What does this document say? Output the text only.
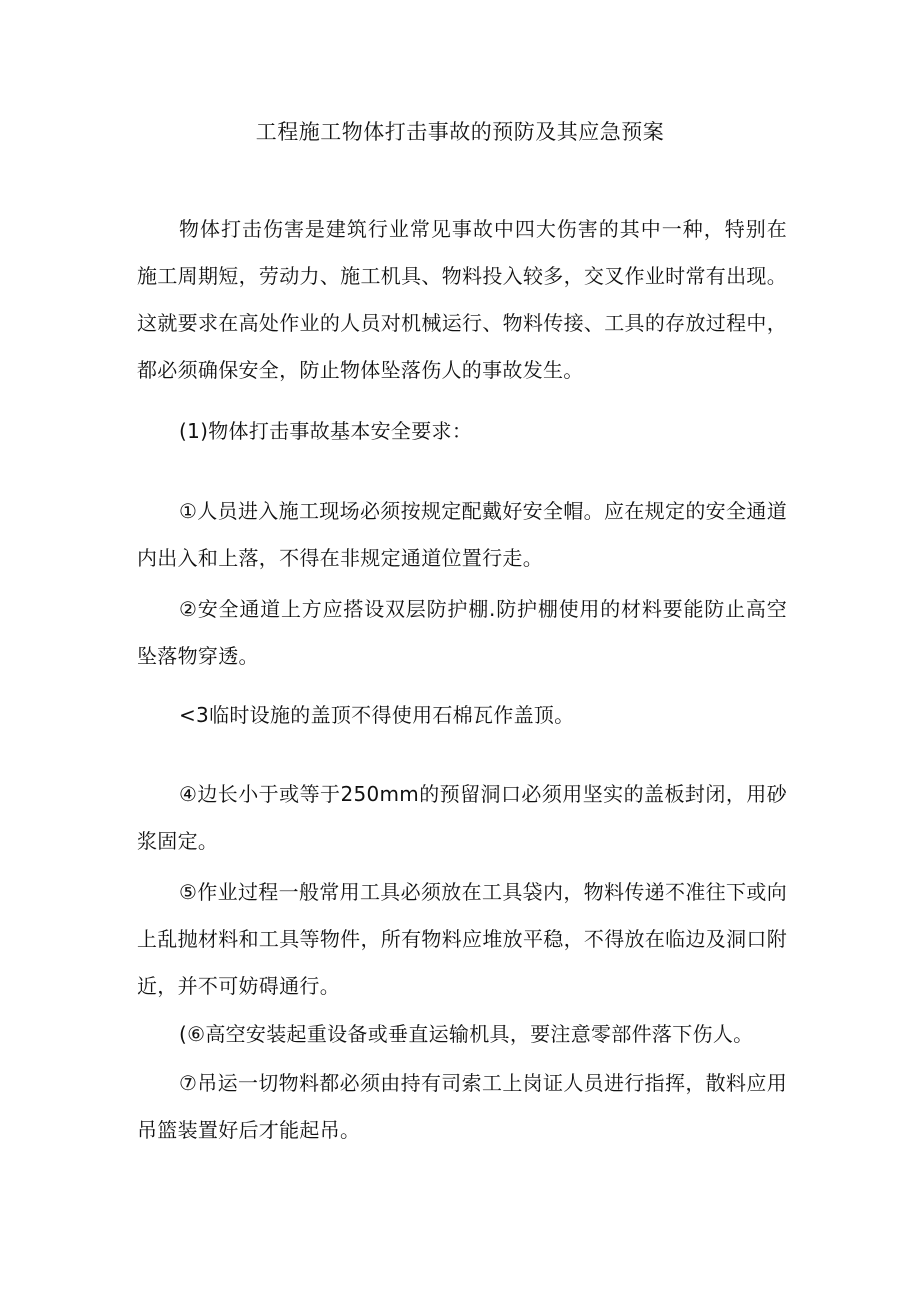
工程施工物体打击事故的预防及其应急预案

物体打击伤害是建筑行业常见事故中四大伤害的其中一种，特别在施工周期短，劳动力、施工机具、物料投入较多，交叉作业时常有出现。这就要求在高处作业的人员对机械运行、物料传接、工具的存放过程中，都必须确保安全，防止物体坠落伤人的事故发生。

(1)物体打击事故基本安全要求：

①人员进入施工现场必须按规定配戴好安全帽。应在规定的安全通道内出入和上落，不得在非规定通道位置行走。

②安全通道上方应搭设双层防护棚.防护棚使用的材料要能防止高空坠落物穿透。

<3临时设施的盖顶不得使用石棉瓦作盖顶。

④边长小于或等于250mm的预留洞口必须用坚实的盖板封闭，用砂浆固定。

⑤作业过程一般常用工具必须放在工具袋内，物料传递不准往下或向上乱抛材料和工具等物件，所有物料应堆放平稳，不得放在临边及洞口附近，并不可妨碍通行。

(⑥高空安装起重设备或垂直运输机具，要注意零部件落下伤人。

⑦吊运一切物料都必须由持有司索工上岗证人员进行指挥，散料应用吊篮装置好后才能起吊。
